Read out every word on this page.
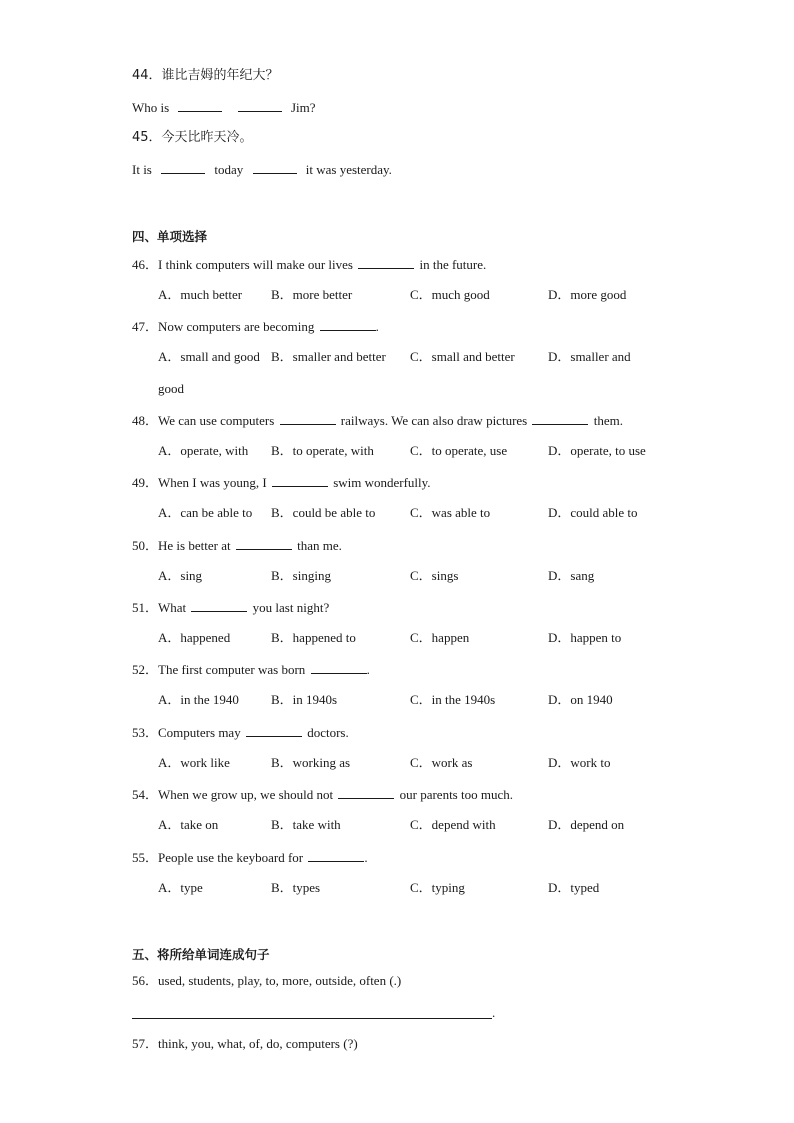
44．谁比吉姆的年纪大？
Who is	Jim?
45．今天比昨天冷。
It is	today	it was yesterday.
四、单项选择
46．I think computers will make our lives	in the future.
A．much better B．more better	C．much good	D．more good
47．Now computers are becoming	.
A．small and good B．smaller and better C．small and better	D．smaller and
good
48．We can use computers	railways. We can also draw pictures	them.
A．operate, with B．to operate, with	C．to operate, use	D．operate, to use
49．When I was young, I	swim wonderfully.
A．can be able to B．could be able to	C．was able to	D．could able to
50．He is better at	than me.
A．sing	B．singing	C．sings	D．sang
51．What	you last night?
A．happened	B．happened to	C．happen	D．happen to
52．The first computer was born	.
A．in the 1940 B．in 1940s	C．in the 1940s	D．on 1940
53．Computers may	doctors.
A．work like	B．working as	C．work as	D．work to
54．When we grow up, we should not	our parents too much.
A．take on	B．take with	C．depend with	D．depend on
55．People use the keyboard for	.
A．type	B．types	C．typing	D．typed
五、将所给单词连成句子
56．used, students, play, to, more, outside, often (.)
.
57．think, you, what, of, do, computers (?)
